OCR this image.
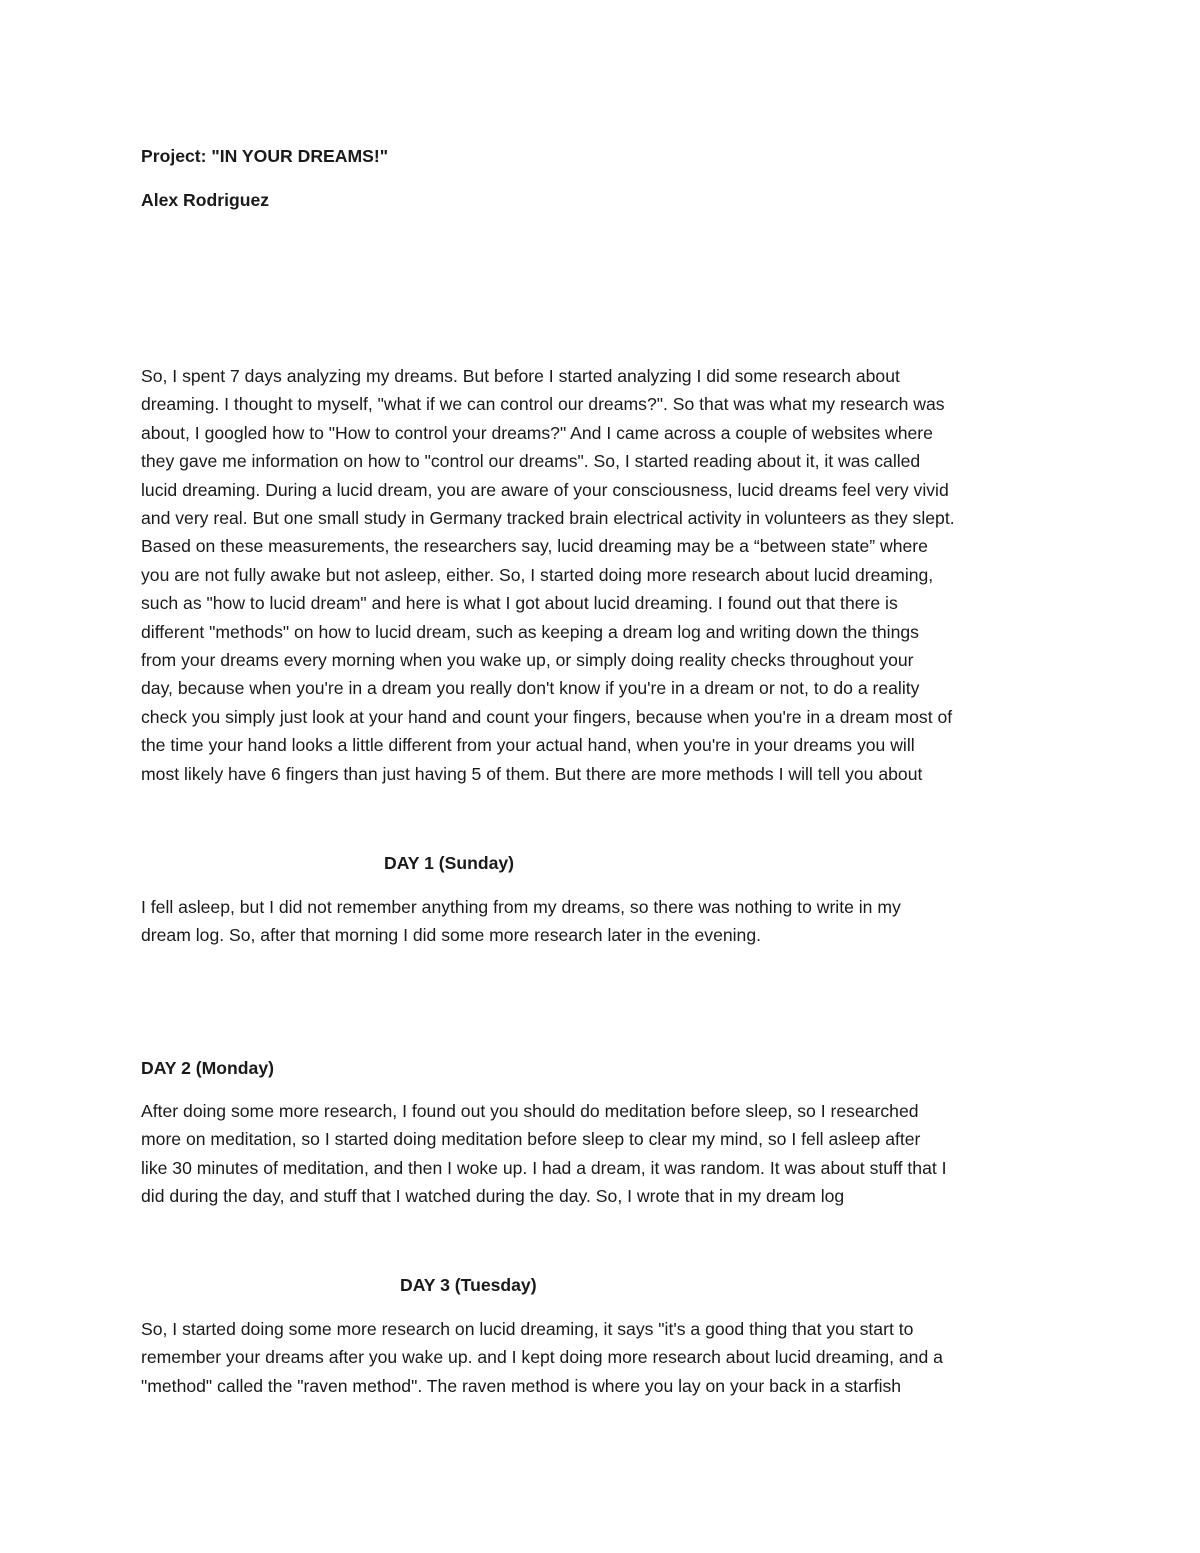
Project: "IN YOUR DREAMS!"

Alex Rodriguez

So, I spent 7 days analyzing my dreams. But before I started analyzing I did some research about
dreaming. I thought to myself, "what if we can control our dreams?". So that was what my research was
about, I googled how to "How to control your dreams?" And I came across a couple of websites where
they gave me information on how to "control our dreams". So, I started reading about it, it was called
lucid dreaming. During a lucid dream, you are aware of your consciousness, lucid dreams feel very vivid
and very real. But one small study in Germany tracked brain electrical activity in volunteers as they slept.
Based on these measurements, the researchers say, lucid dreaming may be a “between state” where
you are not fully awake but not asleep, either. So, I started doing more research about lucid dreaming,
such as "how to lucid dream" and here is what I got about lucid dreaming. I found out that there is
different "methods" on how to lucid dream, such as keeping a dream log and writing down the things
from your dreams every morning when you wake up, or simply doing reality checks throughout your
day, because when you're in a dream you really don't know if you're in a dream or not, to do a reality
check you simply just look at your hand and count your fingers, because when you're in a dream most of
the time your hand looks a little different from your actual hand, when you're in your dreams you will
most likely have 6 fingers than just having 5 of them. But there are more methods I will tell you about

DAY 1 (Sunday)

I fell asleep, but I did not remember anything from my dreams, so there was nothing to write in my
dream log. So, after that morning I did some more research later in the evening.

DAY 2 (Monday)

After doing some more research, I found out you should do meditation before sleep, so I researched
more on meditation, so I started doing meditation before sleep to clear my mind, so I fell asleep after
like 30 minutes of meditation, and then I woke up. I had a dream, it was random. It was about stuff that I
did during the day, and stuff that I watched during the day. So, I wrote that in my dream log

DAY 3 (Tuesday)

So, I started doing some more research on lucid dreaming, it says "it's a good thing that you start to
remember your dreams after you wake up. and I kept doing more research about lucid dreaming, and a
"method" called the "raven method". The raven method is where you lay on your back in a starfish
